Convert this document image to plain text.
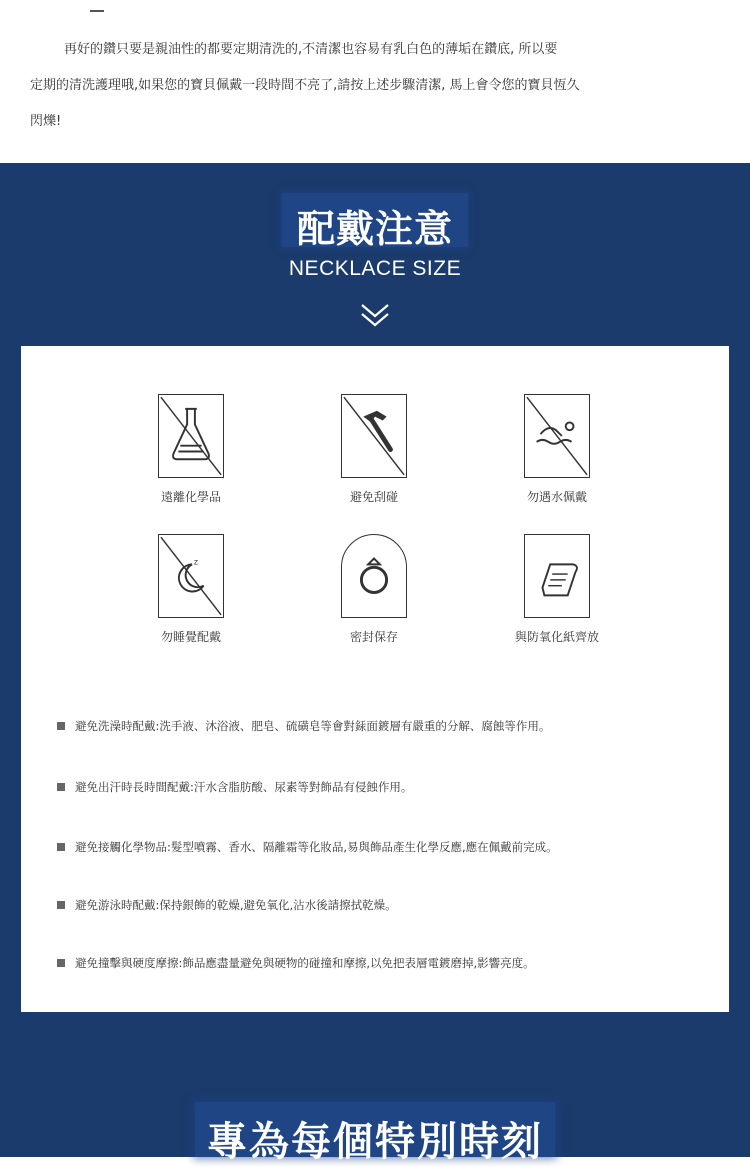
再好的鑽只要是親油性的都要定期清洗的,不清潔也容易有乳白色的薄垢在鑽底, 所以要
定期的清洗護理哦,如果您的寶貝佩戴一段時間不亮了,請按上述步驟清潔, 馬上會令您的寶貝恆久
閃爍!

配戴注意
NECKLACE SIZE
遠離化學品	避免刮碰	勿遇水佩戴
z
勿睡覺配戴	密封保存	與防氧化紙齊放
避免洗澡時配戴:洗手液、沐浴液、肥皂、硫磺皂等會對銾面鍍層有嚴重的分解、腐蝕等作用。
避免出汗時長時間配戴:汗水含脂肪酸、尿素等對飾品有侵蝕作用。
避免接觸化學物品:髮型噴霧、香水、隔離霜等化妝品,易與飾品產生化學反應,應在佩戴前完成。
避免游泳時配戴:保持銀飾的乾燥,避免氧化,沾水後請擦拭乾燥。
避免撞擊與硬度摩擦:飾品應盡量避免與硬物的碰撞和摩擦,以免把表層電鍍磨掉,影響亮度。
專為每個特別時刻
